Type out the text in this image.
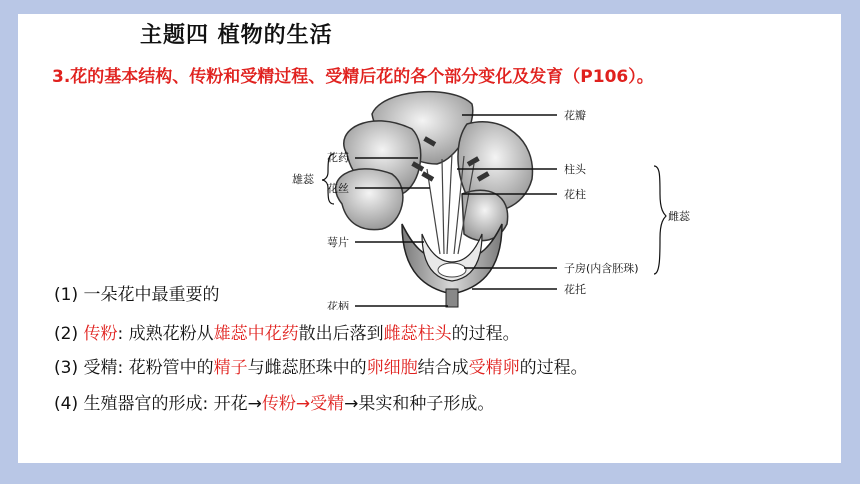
主题四 植物的生活
3.花的基本结构、传粉和受精过程、受精后花的各个部分变化及发育（P106）。
花瓣
花药
雄蕊
花丝
柱头
花柱
雌蕊
萼片
子房(内含胚珠)
花托
花柄
(1) 一朵花中最重要的
(2) 传粉: 成熟花粉从雄蕊中花药散出后落到雌蕊柱头的过程。
(3) 受精: 花粉管中的精子与雌蕊胚珠中的卵细胞结合成受精卵的过程。
(4) 生殖器官的形成: 开花→传粉→受精→果实和种子形成。
